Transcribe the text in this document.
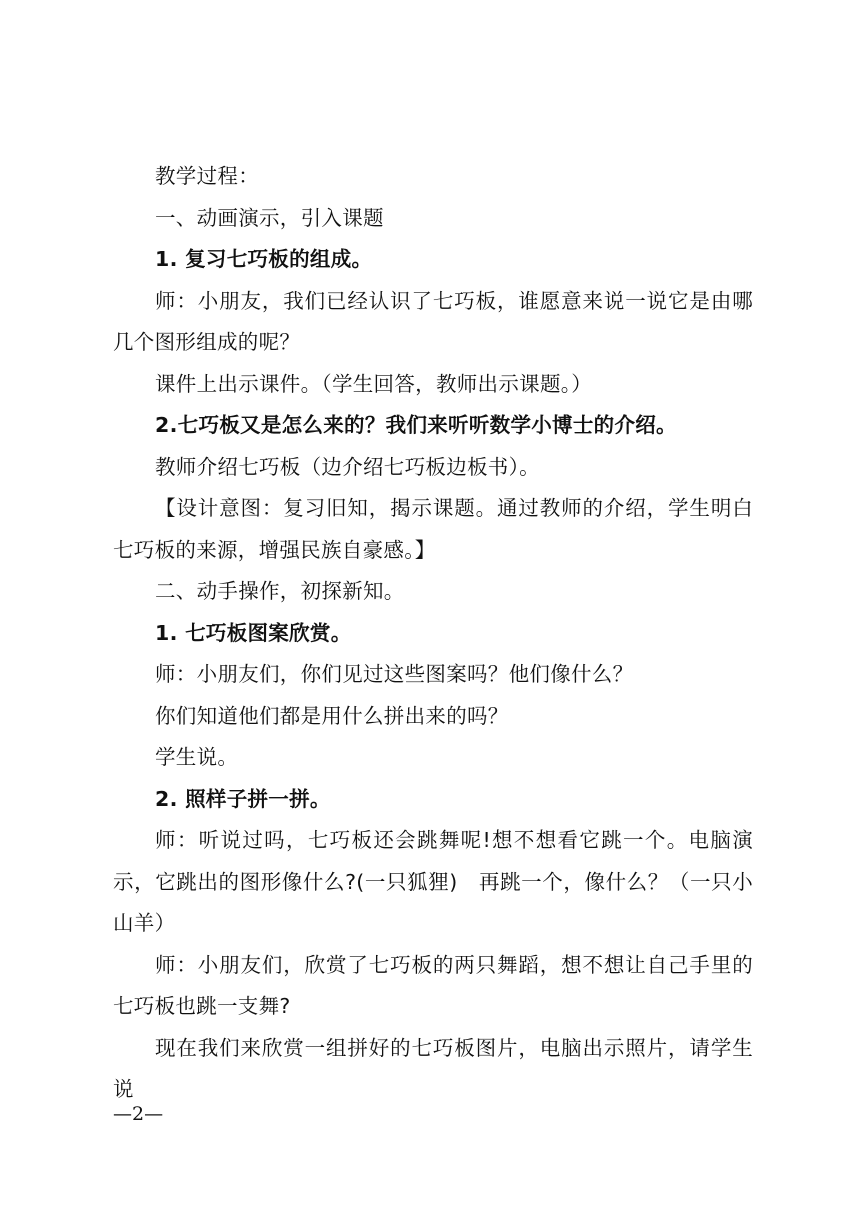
教学过程：

一、动画演示，引入课题

1. 复习七巧板的组成。

师：小朋友，我们已经认识了七巧板，谁愿意来说一说它是由哪几个图形组成的呢？

课件上出示课件。（学生回答，教师出示课题。）

2.七巧板又是怎么来的？我们来听听数学小博士的介绍。

教师介绍七巧板（边介绍七巧板边板书）。

【设计意图：复习旧知，揭示课题。通过教师的介绍，学生明白七巧板的来源，增强民族自豪感。】

二、动手操作，初探新知。

1. 七巧板图案欣赏。

师：小朋友们，你们见过这些图案吗？他们像什么？

你们知道他们都是用什么拼出来的吗？

学生说。

2. 照样子拼一拼。

师：听说过吗，七巧板还会跳舞呢!想不想看它跳一个。电脑演示，它跳出的图形像什么?(一只狐狸)　再跳一个，像什么？（一只小山羊）

师：小朋友们，欣赏了七巧板的两只舞蹈，想不想让自己手里的七巧板也跳一支舞?

现在我们来欣赏一组拼好的七巧板图片，电脑出示照片，请学生说

—2—
